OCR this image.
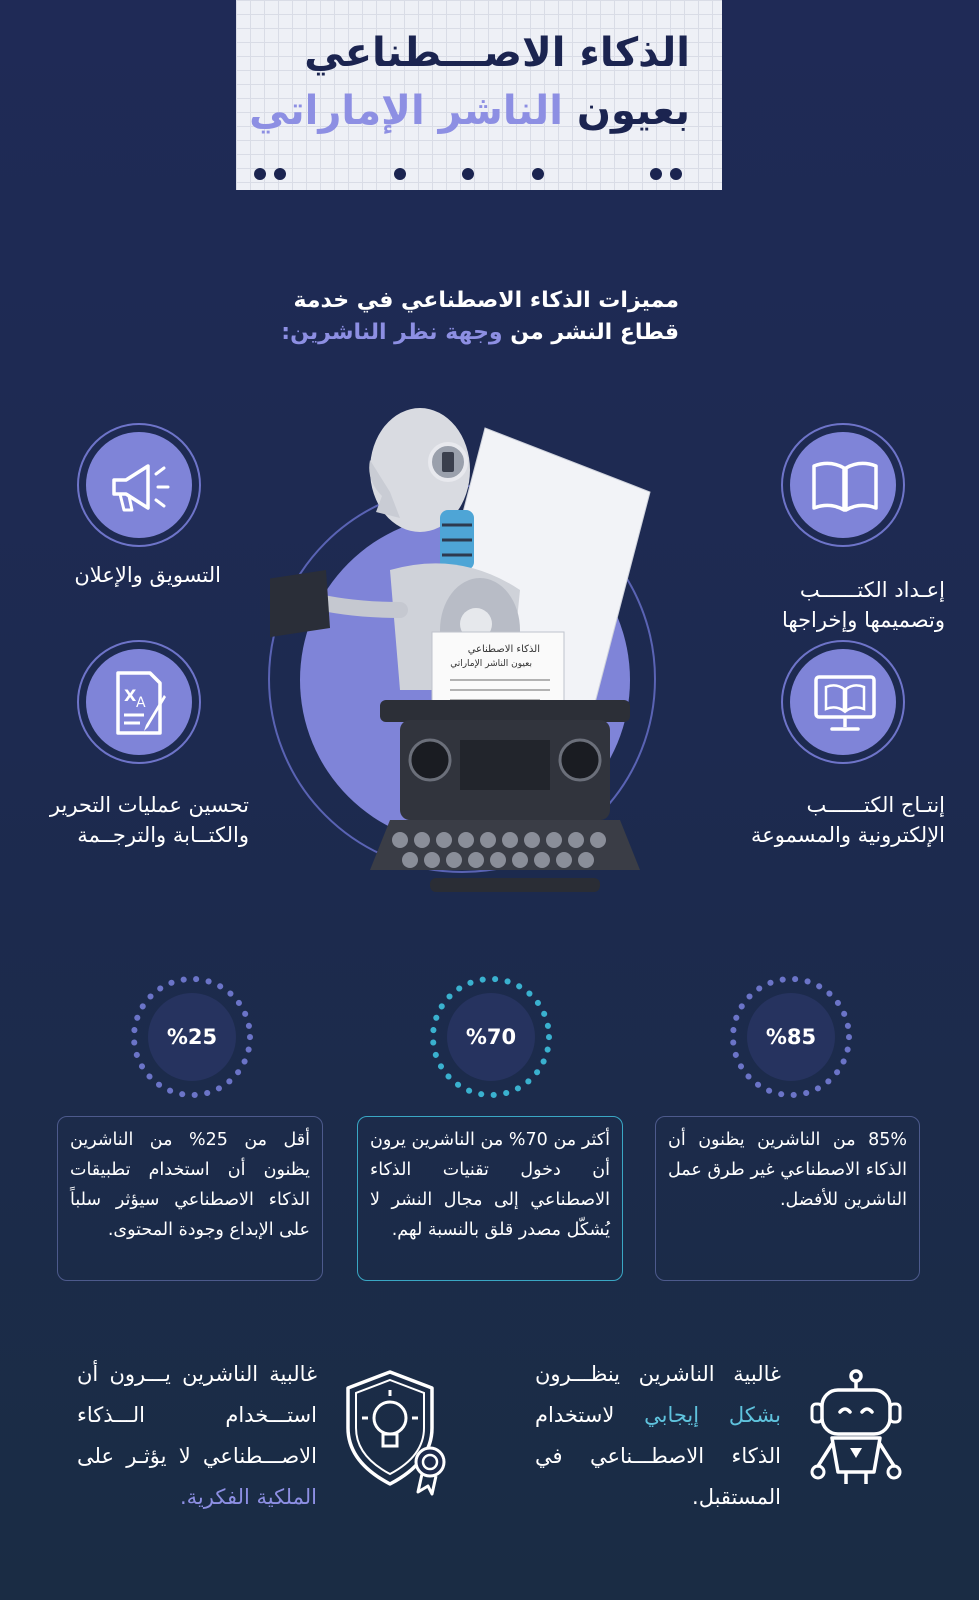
الذكاء الاصـــطناعي
بعيون الناشر الإماراتي
مميزات الذكاء الاصطناعي في خدمة
قطاع النشر من وجهة نظر الناشرين:
إعـداد الكتــــــب
وتصميمها وإخراجها
إنتـاج الكتــــــب
الإلكترونية والمسموعة
التسويق والإعلان
X A
تحسين عمليات التحرير
والكتــابة والترجــمة
الذكاء الاصطناعي
بعيون الناشر الإماراتي
%85
%70
%25
85% من الناشرين يظنون أن الذكاء الاصطناعي غير طرق عمل الناشرين للأفضل.
أكثر من 70% من الناشرين يرون أن دخول تقنيات الذكاء الاصطناعي إلى مجال النشر لا يُشكّل مصدر قلق بالنسبة لهم.
أقل من 25% من الناشرين يظنون أن استخدام تطبيقات الذكاء الاصطناعي سيؤثر سلباً على الإبداع وجودة المحتوى.
غالبية الناشرين ينظـــرون بشكل إيجابي لاستخدام الذكاء الاصطـــناعي في المستقبل.
غالبية الناشرين يـــرون أن استـــخدام الـــذكاء الاصـــطناعي لا يؤثـر على الملكية الفكرية.
